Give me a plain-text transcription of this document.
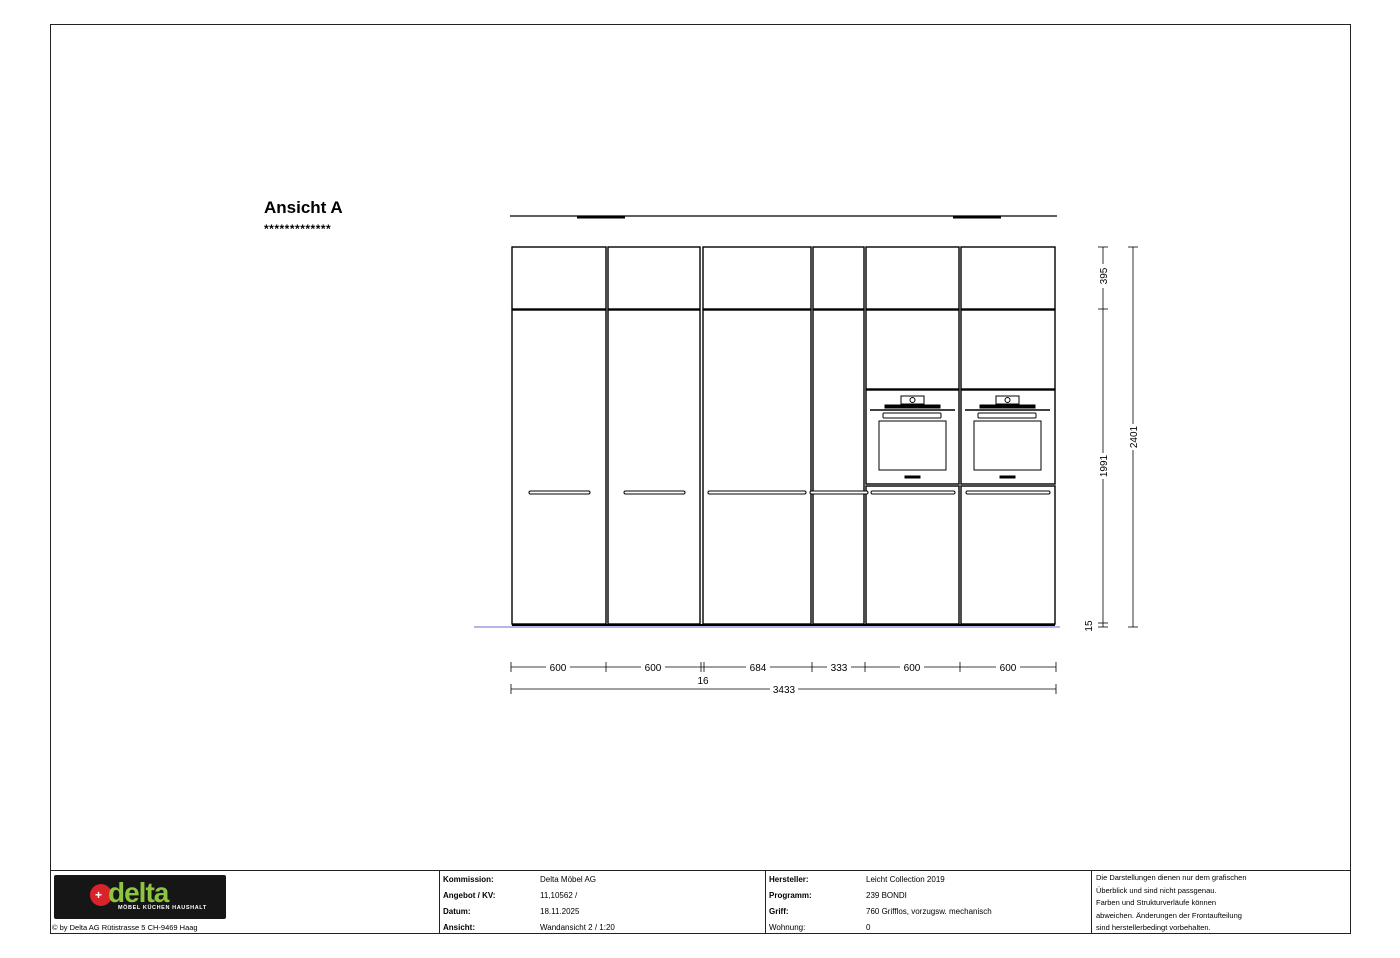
Ansicht A
*************
600	600	684	333	600	600
16
3433
395
1991
15
2401
+ delta
MÖBEL KÜCHEN HAUSHALT
© by Delta AG Rütistrasse 5 CH-9469 Haag
Kommission:	Delta Möbel AG
Angebot / KV:	11,10562 /
Datum:	18.11.2025
Ansicht:	Wandansicht 2 / 1:20
Hersteller:	Leicht Collection 2019
Programm:	239 BONDI
Griff:	760 Grifflos, vorzugsw. mechanisch
Wohnung:	0
Die Darstellungen dienen nur dem grafischen
Überblick und sind nicht passgenau.
Farben und Strukturverläufe können
abweichen. Änderungen der Frontaufteilung
sind herstellerbedingt vorbehalten.
